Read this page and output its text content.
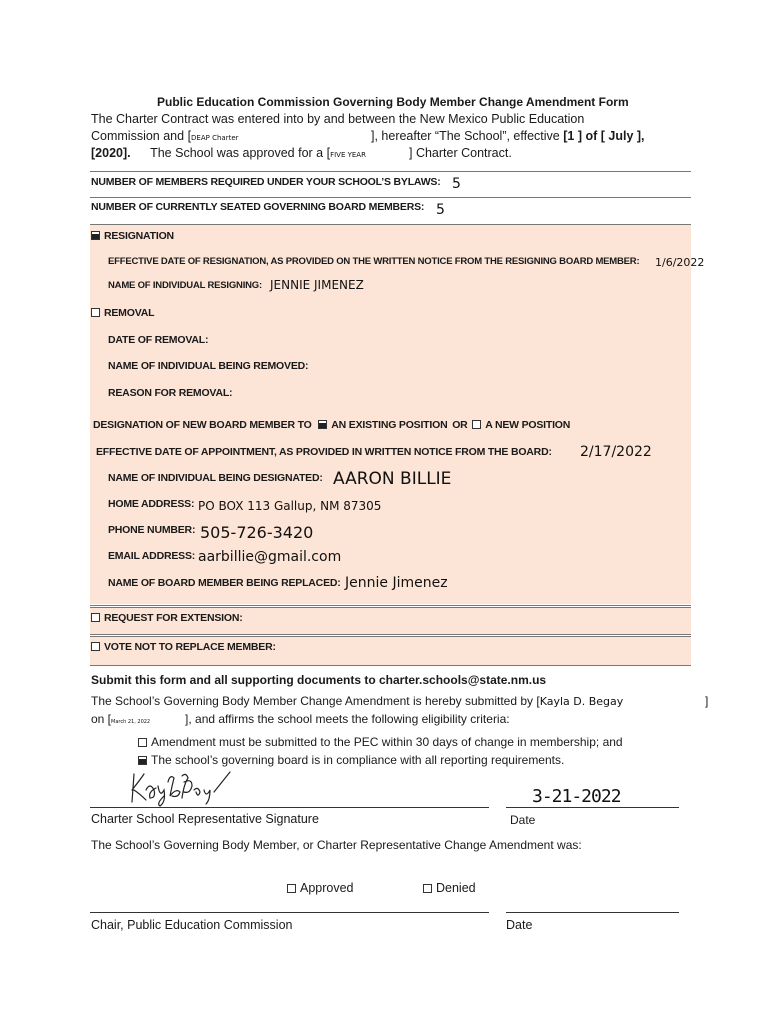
Public Education Commission Governing Body Member Change Amendment Form
The Charter Contract was entered into by and between the New Mexico Public Education
Commission and [DEAP Charter	], hereafter “The School”, effective [1 ] of [ July ],
[2020]. The School was approved for a [FIVE YEAR	] Charter Contract.
NUMBER OF MEMBERS REQUIRED UNDER YOUR SCHOOL’S BYLAWS: 5
NUMBER OF CURRENTLY SEATED GOVERNING BOARD MEMBERS: 5
RESIGNATION
EFFECTIVE DATE OF RESIGNATION, AS PROVIDED ON THE WRITTEN NOTICE FROM THE RESIGNING BOARD MEMBER: 1/6/2022
NAME OF INDIVIDUAL RESIGNING: JENNIE JIMENEZ
REMOVAL
DATE OF REMOVAL:
NAME OF INDIVIDUAL BEING REMOVED:
REASON FOR REMOVAL:
DESIGNATION OF NEW BOARD MEMBER TO AN EXISTING POSITION OR A NEW POSITION
EFFECTIVE DATE OF APPOINTMENT, AS PROVIDED IN WRITTEN NOTICE FROM THE BOARD: 2/17/2022
NAME OF INDIVIDUAL BEING DESIGNATED: AARON BILLIE
HOME ADDRESS: PO BOX 113 Gallup, NM 87305
PHONE NUMBER: 505-726-3420
EMAIL ADDRESS: aarbillie@gmail.com
NAME OF BOARD MEMBER BEING REPLACED: Jennie Jimenez
REQUEST FOR EXTENSION:
VOTE NOT TO REPLACE MEMBER:
Submit this form and all supporting documents to charter.schools@state.nm.us
The School’s Governing Body Member Change Amendment is hereby submitted by [Kayla D. Begay	]
on [March 21, 2022	], and affirms the school meets the following eligibility criteria:
Amendment must be submitted to the PEC within 30 days of change in membership; and
The school’s governing board is in compliance with all reporting requirements.
3-21-2022
Charter School Representative Signature	Date
The School’s Governing Body Member, or Charter Representative Change Amendment was:
Approved	Denied
Chair, Public Education Commission	Date
